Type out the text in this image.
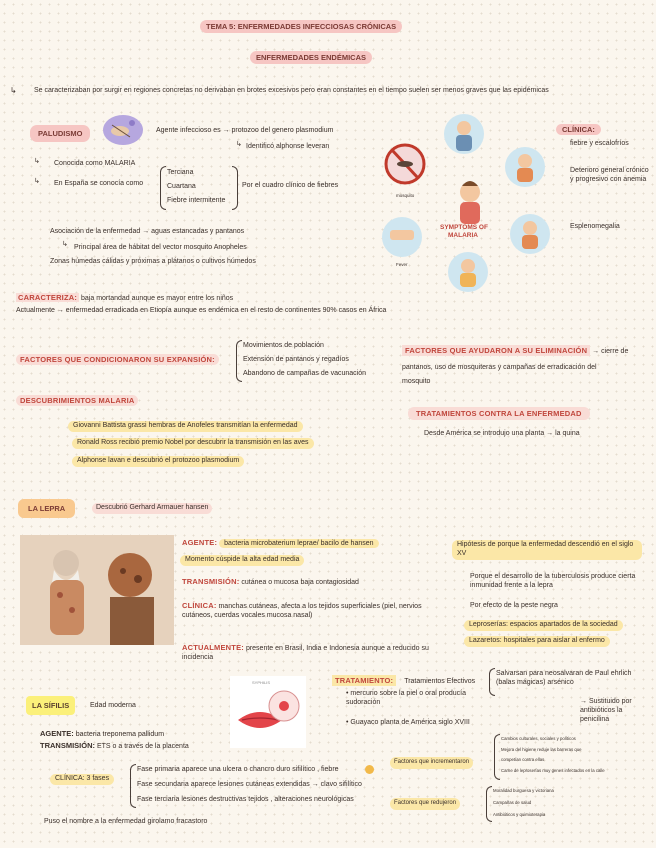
TEMA 5: ENFERMEDADES INFECCIOSAS CRÓNICAS
ENFERMEDADES ENDÉMICAS
↳ Se caracterizaban por surgir en regiones concretas no derivaban en brotes excesivos pero eran constantes en el tiempo suelen ser menos graves que las epidémicas
PALUDISMO	Agente infeccioso es → protozoo del genero plasmodium
↳ Identificó alphonse leveran
↳ Conocida como MALARIA
↳ En España se conocía como
Terciana
Cuartana
Fiebre intermitente
Por el cuadro clínico de fiebres
Asociación de la enfermedad → aguas estancadas y pantanos
↳ Principal área de hábitat del vector mosquito Anopheles
Zonas húmedas cálidas y próximas a plátanos o cultivos húmedos
SYMPTOMS OF
MALARIA
mosquito
Fever
CLÍNICA:
fiebre y escalofríos
Deterioro general crónico y progresivo con anemia
Esplenomegalia
CARACTERIZA: baja mortandad aunque es mayor entre los niños
Actualmente → enfermedad erradicada en Etiopía aunque es endémica en el resto de continentes 90% casos en África
FACTORES QUE CONDICIONARON SU EXPANSIÓN:
Movimientos de población
Extensión de pantanos y regadíos
Abandono de campañas de vacunación
FACTORES QUE AYUDARON A SU ELIMINACIÓN → cierre de
pantanos, uso de mosquiteras y campañas de erradicación del
mosquito
DESCUBRIMIENTOS MALARIA
Giovanni Battista grassi hembras de Anofeles transmitían la enfermedad
Ronald Ross recibió premio Nobel por descubrir la transmisión en las aves
Alphonse lavan e descubrió el protozoo plasmodium
TRATAMIENTOS CONTRA LA ENFERMEDAD
Desde América se introdujo una planta → la quina
LA LEPRA	Descubrió Gerhard Armauer hansen
AGENTE: bacteria microbaterium leprae/ bacilo de hansen
Momento cúspide la alta edad media
TRANSMISIÓN: cutánea o mucosa baja contagiosidad
CLÍNICA: manchas cutáneas, afecta a los tejidos superficiales (piel, nervios cutáneos, cuerdas vocales mucosa nasal)
ACTUALMENTE: presente en Brasil, India e Indonesia aunque a reducido su incidencia
Hipótesis de porque la enfermedad descendió en el siglo XV
Porque el desarrollo de la tuberculosis produce cierta inmunidad frente a la lepra
Por efecto de la peste negra
Leproserías: espacios apartados de la sociedad
Lazaretos: hospitales para aislar al enfermo
LA SÍFILIS	Edad moderna
AGENTE: bacteria treponema pallidum
TRANSMISIÓN: ETS o a través de la placenta
CLÍNICA: 3 fases
Fase primaria aparece una ulcera o chancro duro sifilítico , fiebre
Fase secundaria aparece lesiones cutáneas extendidas → clavo sifilítico
Fase terciaria lesiones destructivas tejidos , alteraciones neurológicas
Puso el nombre a la enfermedad girolamo fracastoro
SYPHILIS	TRATAMIENTO: Tratamientos Efectivos
• mercurio sobre la piel o oral producía sudoración
• Guayaco planta de América siglo XVIII
Salvarsan para neosalvaran de Paul ehrlich (balas mágicas) arsénico
→ Sustituido por antibióticos la penicilina
Factores que incrementaron
Cambios culturales, sociales y políticos
Mejora del higiene reduje las barreras que
competían contra ellas
Carne de leproserías muy genes infectados en la calle
Factores que redujeron
Moralidad burguesa y victoriana
Campañas de salud
Antibióticos y quimioterapia
